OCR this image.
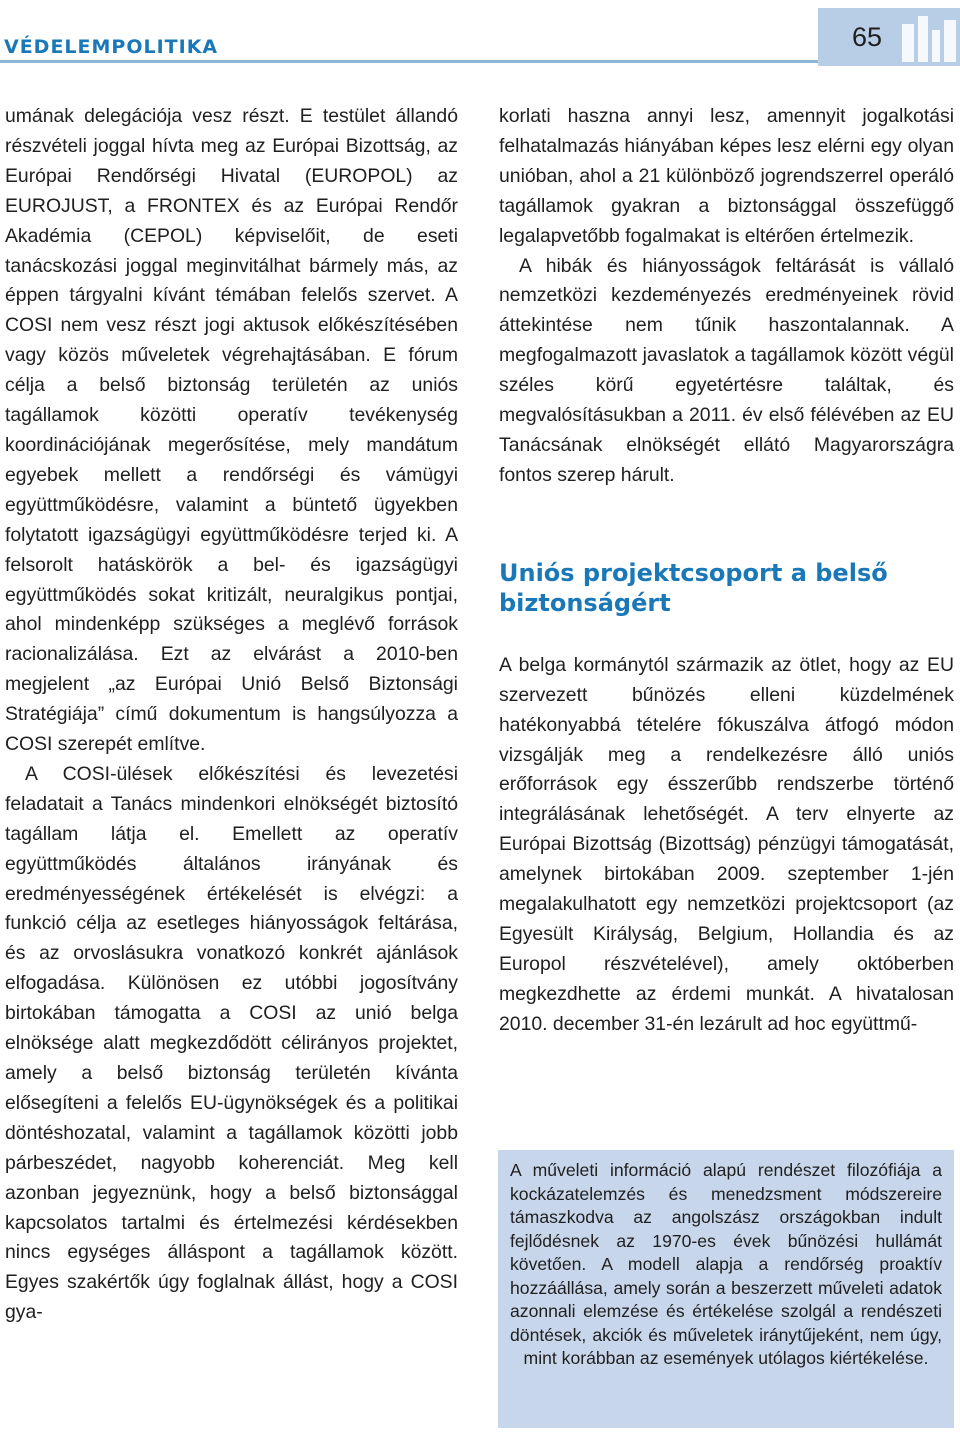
VÉDELEMPOLITIKA	65

umának delegációja vesz részt. E testület állandó részvételi joggal hívta meg az Európai Bizottság, az Európai Rendőrségi Hivatal (EUROPOL) az EUROJUST, a FRONTEX és az Európai Rendőr Akadémia (CEPOL) képviselőit, de eseti tanácskozási joggal meginvitálhat bármely más, az éppen tárgyalni kívánt témában felelős szervet. A COSI nem vesz részt jogi aktusok előkészítésében vagy közös műveletek végrehajtásában. E fórum célja a belső biztonság területén az uniós tagállamok közötti operatív tevékenység koordinációjának megerősítése, mely mandátum egyebek mellett a rendőrségi és vámügyi együttműködésre, valamint a büntető ügyekben folytatott igazságügyi együttműködésre terjed ki. A felsorolt hatáskörök a bel- és igazságügyi együttműködés sokat kritizált, neuralgikus pontjai, ahol mindenképp szükséges a meglévő források racionalizálása. Ezt az elvárást a 2010-ben megjelent „az Európai Unió Belső Biztonsági Stratégiája” című dokumentum is hangsúlyozza a COSI szerepét említve.

A COSI-ülések előkészítési és levezetési feladatait a Tanács mindenkori elnökségét biztosító tagállam látja el. Emellett az operatív együttműködés általános irányának és eredményességének értékelését is elvégzi: a funkció célja az esetleges hiányosságok feltárása, és az orvoslásukra vonatkozó konkrét ajánlások elfogadása. Különösen ez utóbbi jogosítvány birtokában támogatta a COSI az unió belga elnöksége alatt megkezdődött célirányos projektet, amely a belső biztonság területén kívánta elősegíteni a felelős EU-ügynökségek és a politikai döntéshozatal, valamint a tagállamok közötti jobb párbeszédet, nagyobb koherenciát. Meg kell azonban jegyeznünk, hogy a belső biztonsággal kapcsolatos tartalmi és értelmezési kérdésekben nincs egységes álláspont a tagállamok között. Egyes szakértők úgy foglalnak állást, hogy a COSI gya-

korlati haszna annyi lesz, amennyit jogalkotási felhatalmazás hiányában képes lesz elérni egy olyan unióban, ahol a 21 különböző jogrendszerrel operáló tagállamok gyakran a biztonsággal összefüggő legalapvetőbb fogalmakat is eltérően értelmezik.

A hibák és hiányosságok feltárását is vállaló nemzetközi kezdeményezés eredményeinek rövid áttekintése nem tűnik haszontalannak. A megfogalmazott javaslatok a tagállamok között végül széles körű egyetértésre találtak, és megvalósításukban a 2011. év első félévében az EU Tanácsának elnökségét ellátó Magyarországra fontos szerep hárult.

Uniós projektcsoport a belső biztonságért

A belga kormánytól származik az ötlet, hogy az EU szervezett bűnözés elleni küzdelmének hatékonyabbá tételére fókuszálva átfogó módon vizsgálják meg a rendelkezésre álló uniós erőforrások egy ésszerűbb rendszerbe történő integrálásának lehetőségét. A terv elnyerte az Európai Bizottság (Bizottság) pénzügyi támogatását, amelynek birtokában 2009. szeptember 1-jén megalakulhatott egy nemzetközi projektcsoport (az Egyesült Királyság, Belgium, Hollandia és az Europol részvételével), amely októberben megkezdhette az érdemi munkát. A hivatalosan 2010. december 31-én lezárult ad hoc együttmű-

A műveleti információ alapú rendészet filozófiája a kockázatelemzés és menedzsment módszereire támaszkodva az angolszász országokban indult fejlődésnek az 1970-es évek bűnözési hullámát követően. A modell alapja a rendőrség proaktív hozzáállása, amely során a beszerzett műveleti adatok azonnali elemzése és értékelése szolgál a rendészeti döntések, akciók és műveletek iránytűjeként, nem úgy, mint korábban az események utólagos kiértékelése.
